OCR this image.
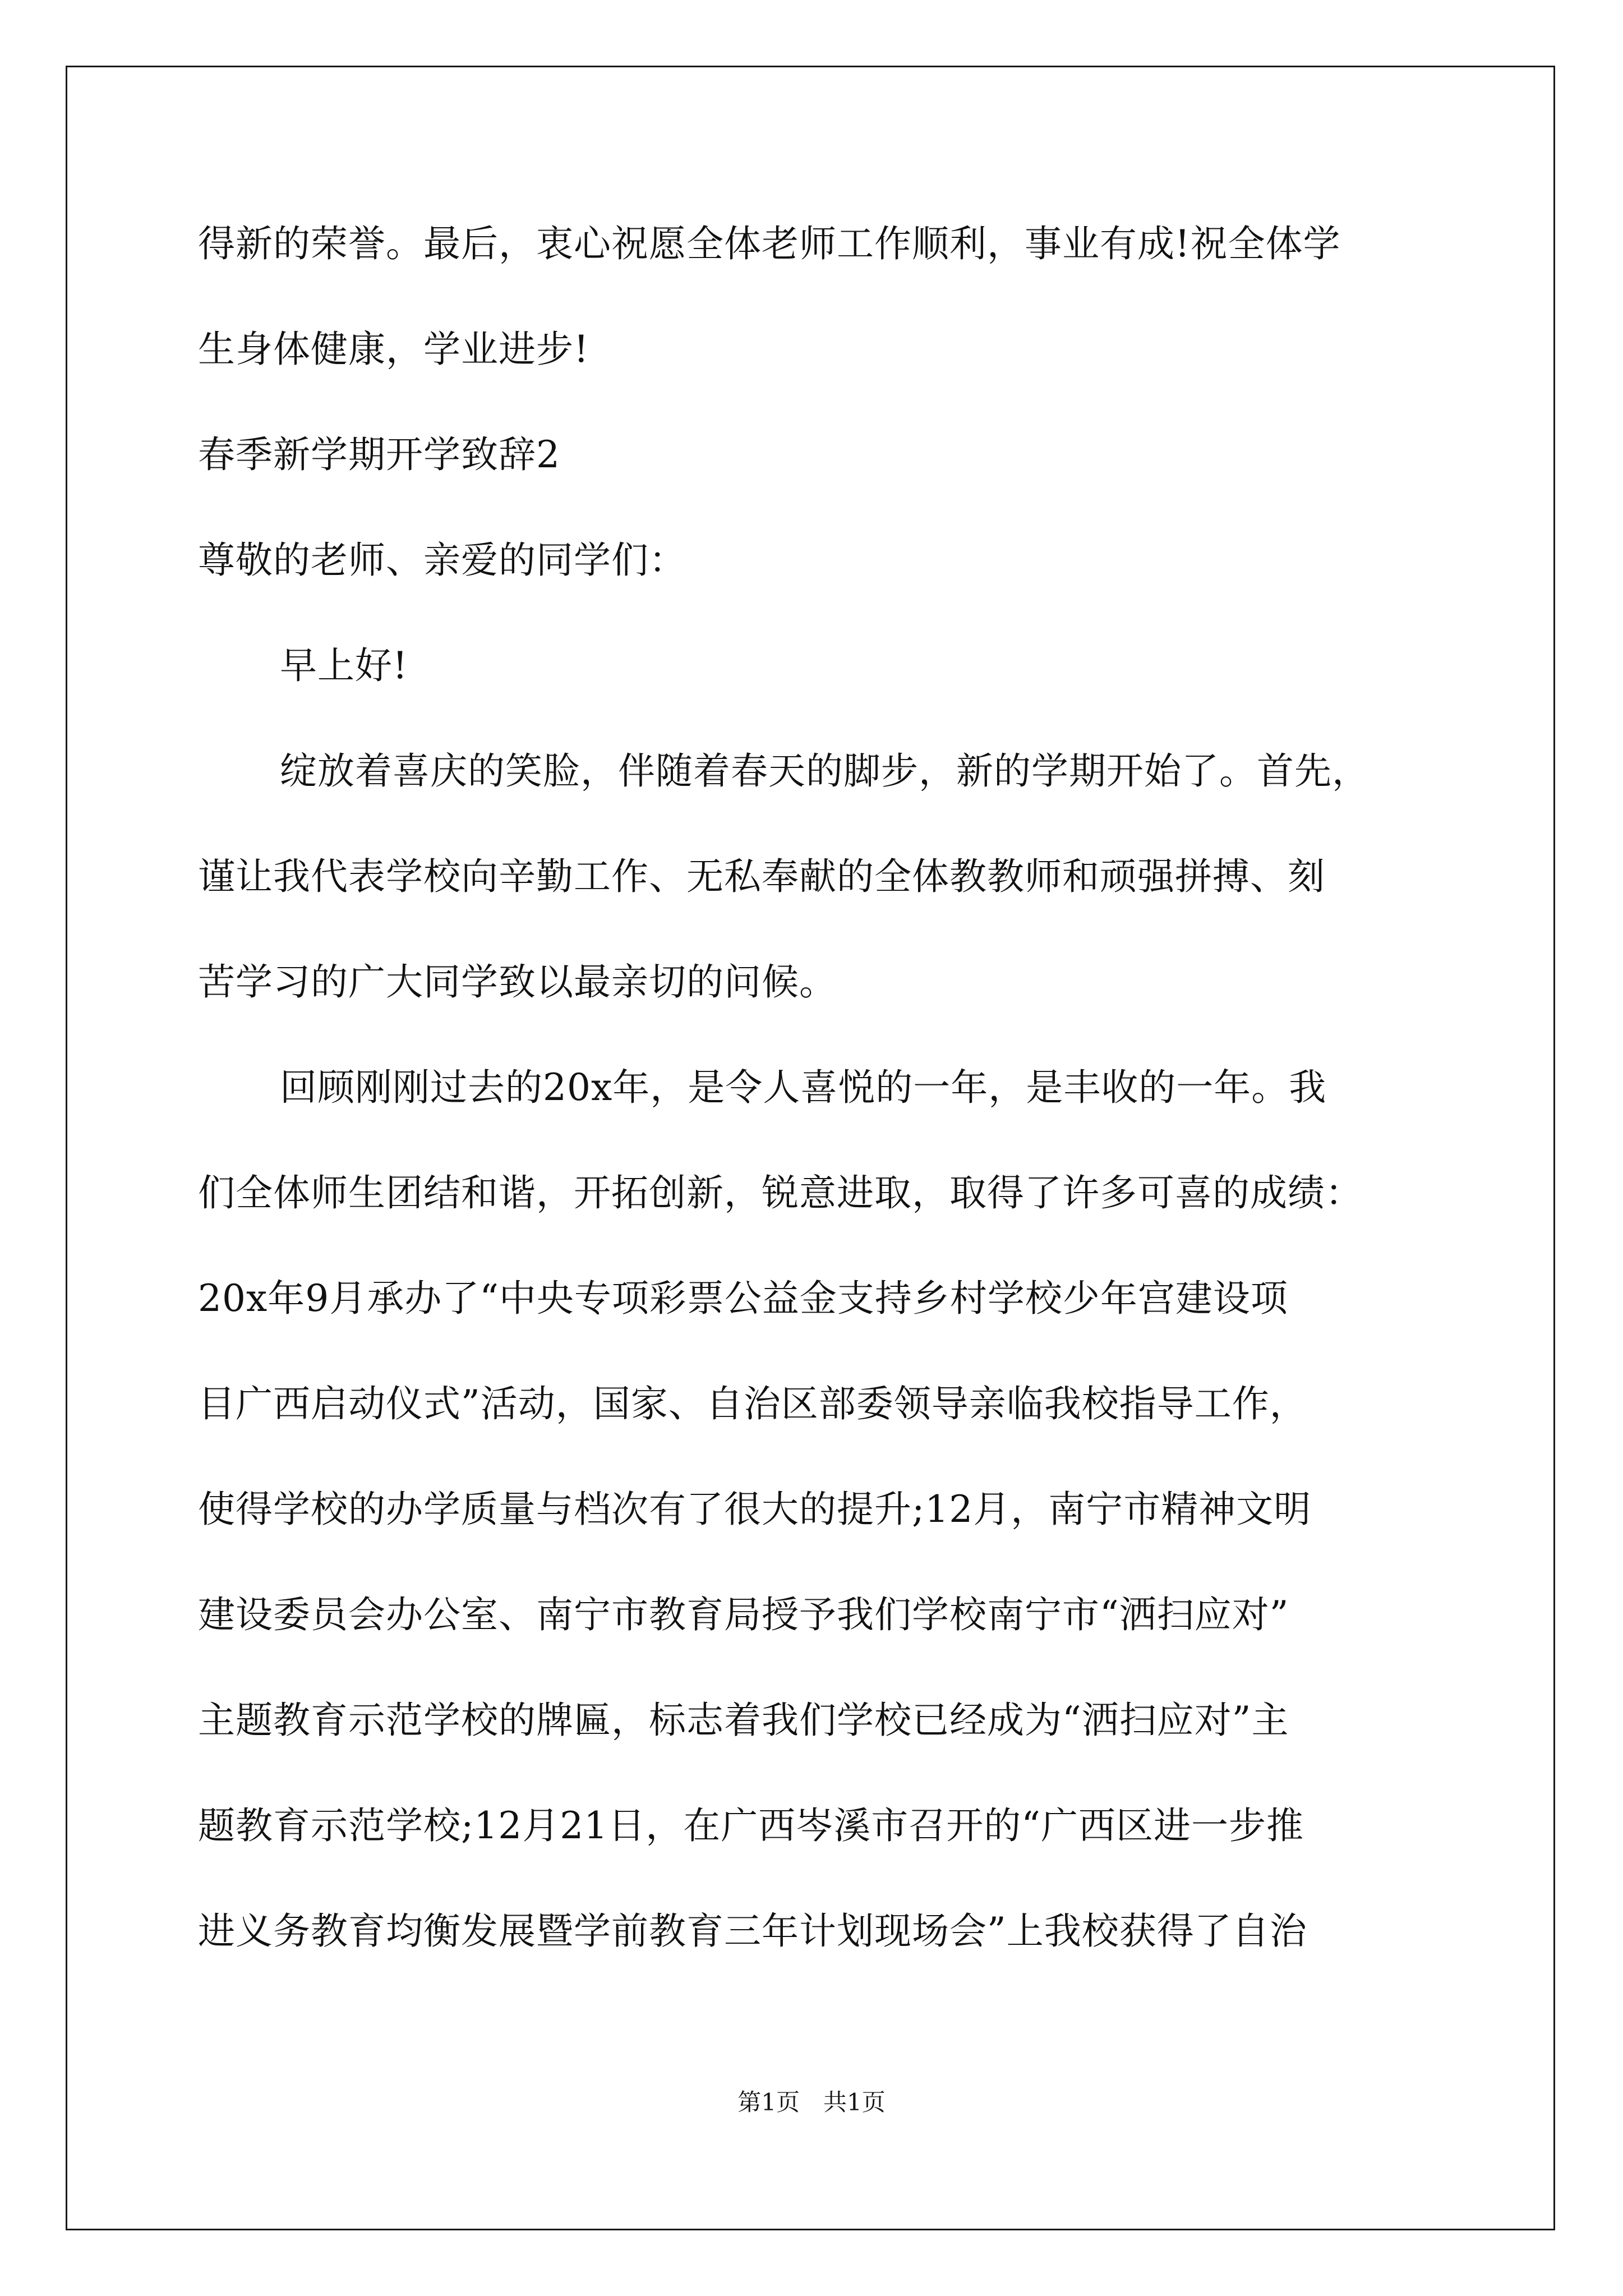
得新的荣誉。最后，衷心祝愿全体老师工作顺利，事业有成!祝全体学
生身体健康，学业进步!
春季新学期开学致辞2
尊敬的老师、亲爱的同学们：
早上好!
绽放着喜庆的笑脸，伴随着春天的脚步，新的学期开始了。首先，
谨让我代表学校向辛勤工作、无私奉献的全体教教师和顽强拼搏、刻
苦学习的广大同学致以最亲切的问候。
回顾刚刚过去的20x年，是令人喜悦的一年，是丰收的一年。我
们全体师生团结和谐，开拓创新，锐意进取，取得了许多可喜的成绩：
20x年9月承办了“中央专项彩票公益金支持乡村学校少年宫建设项
目广西启动仪式”活动，国家、自治区部委领导亲临我校指导工作，
使得学校的办学质量与档次有了很大的提升;12月，南宁市精神文明
建设委员会办公室、南宁市教育局授予我们学校南宁市“洒扫应对”
主题教育示范学校的牌匾，标志着我们学校已经成为“洒扫应对”主
题教育示范学校;12月21日，在广西岑溪市召开的“广西区进一步推
进义务教育均衡发展暨学前教育三年计划现场会”上我校获得了自治
第1页　共1页
